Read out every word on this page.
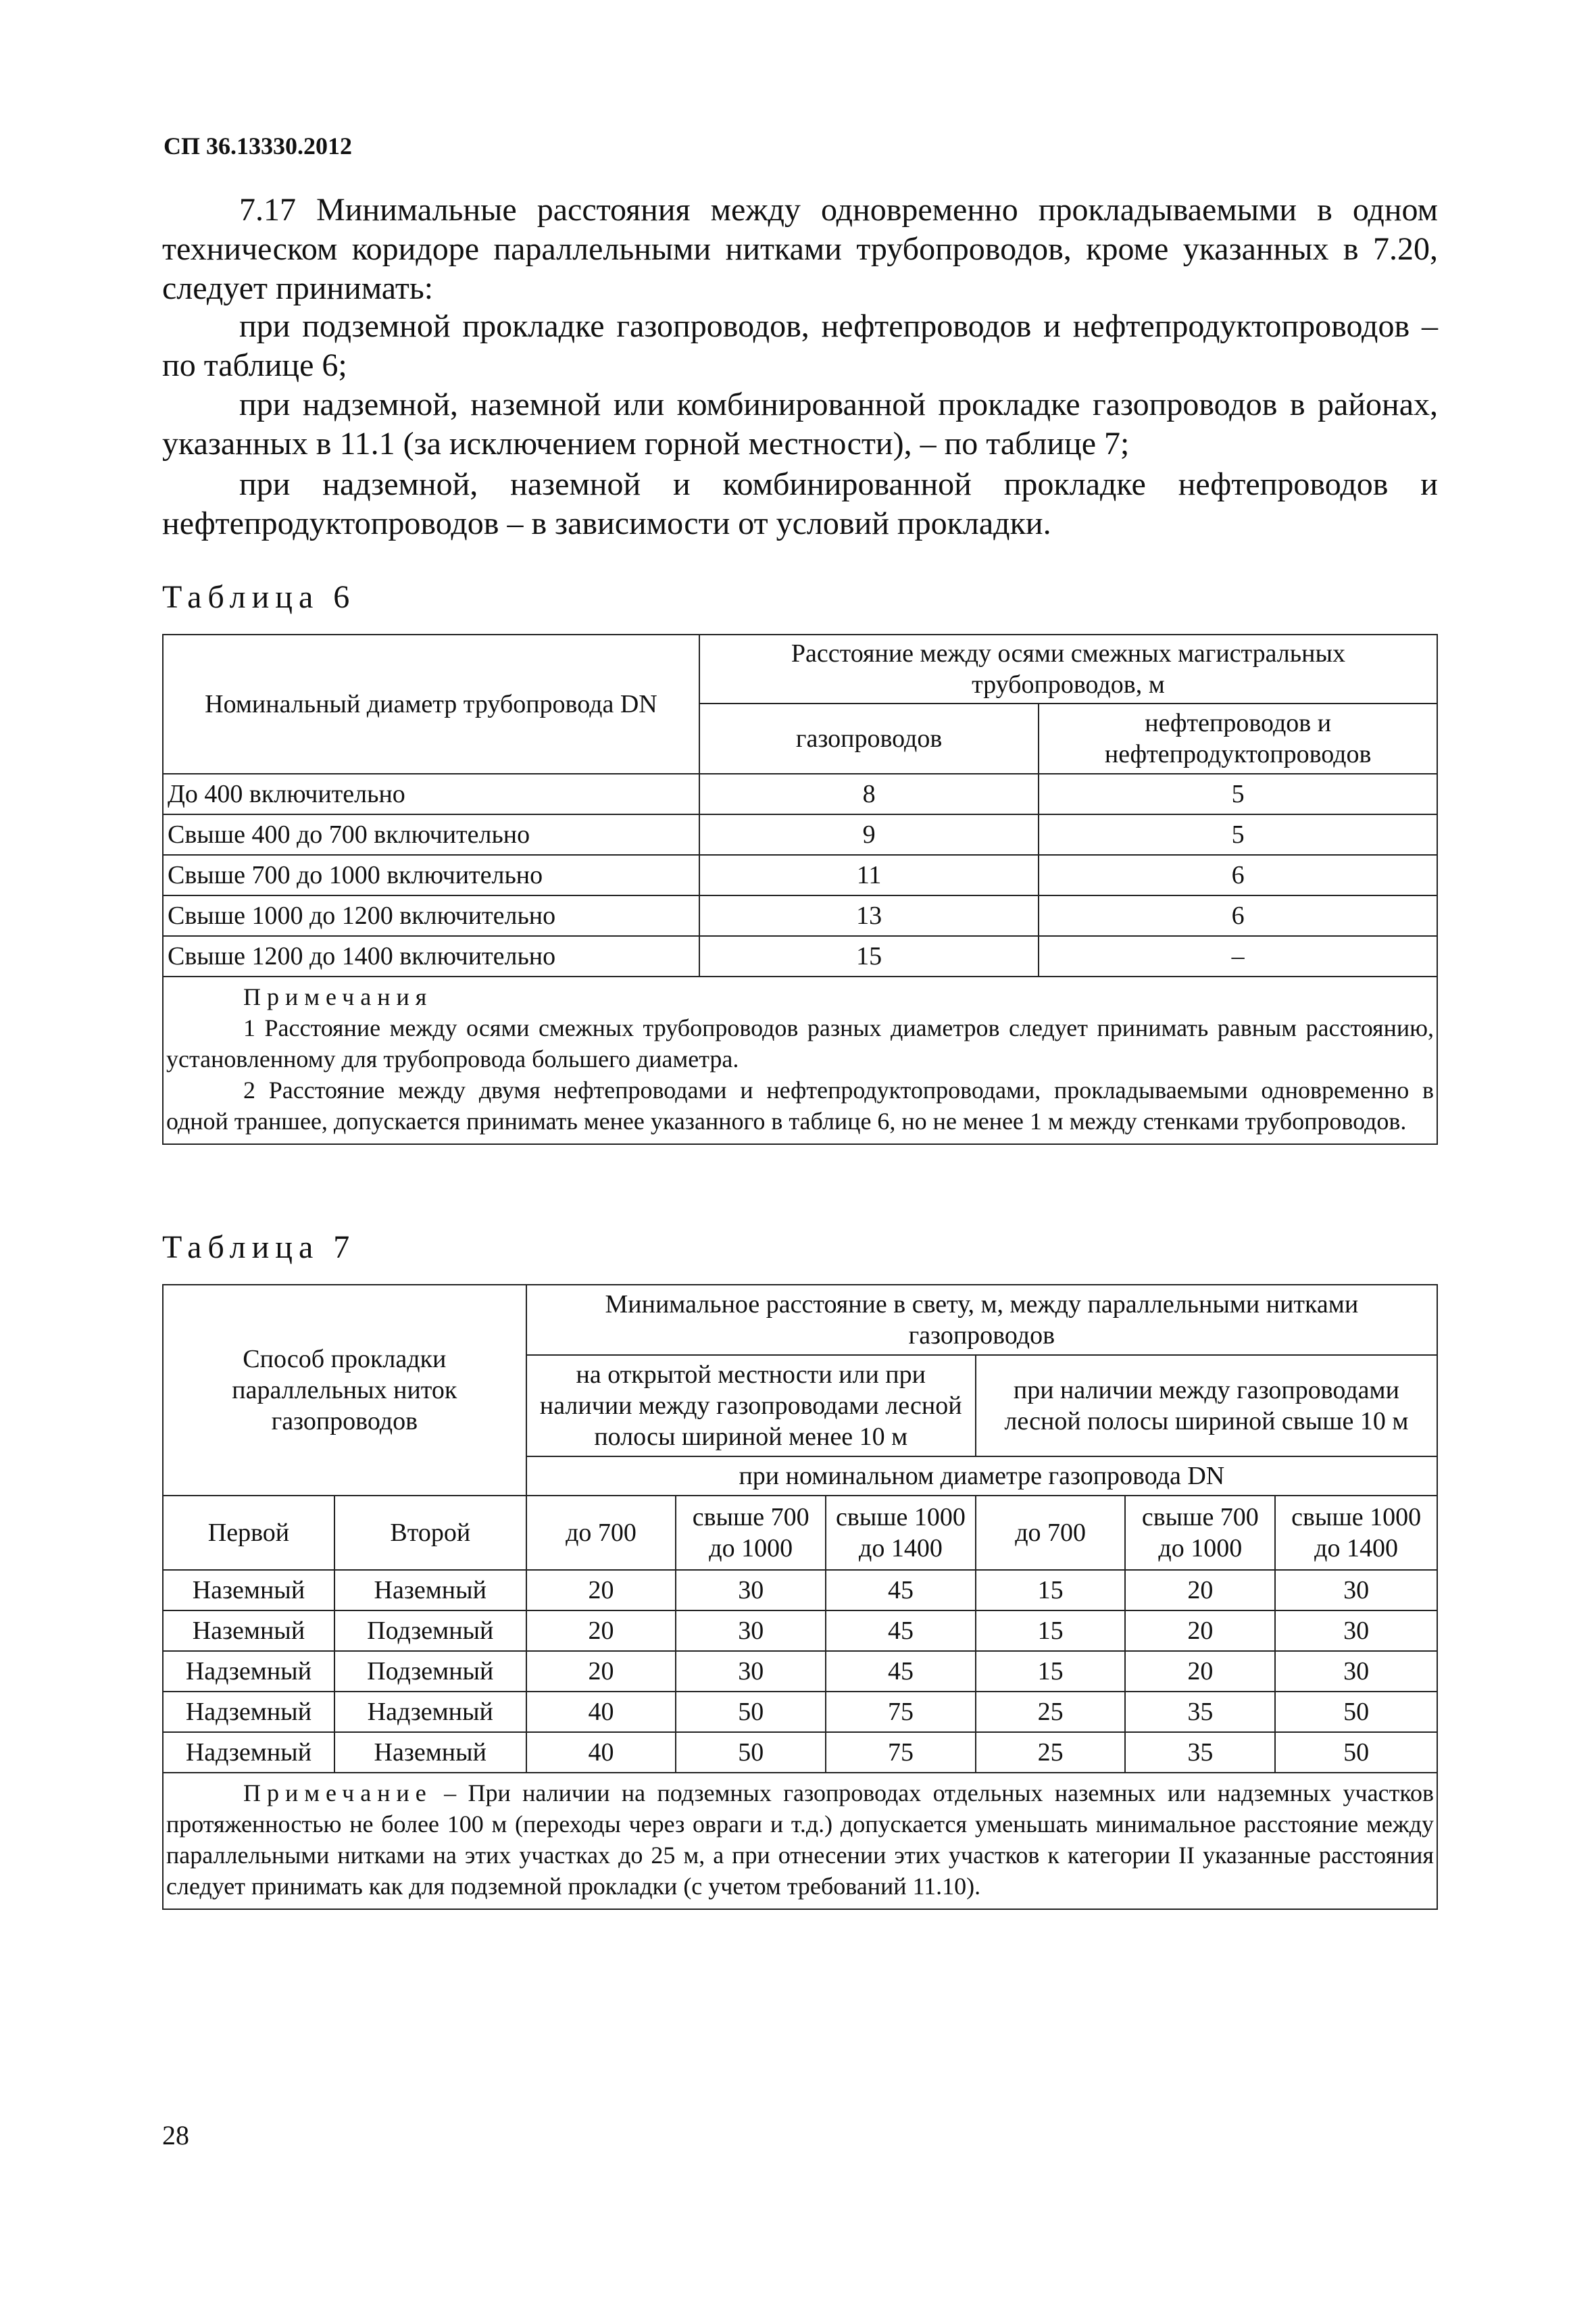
СП 36.13330.2012
7.17 Минимальные расстояния между одновременно прокладываемыми в одном техническом коридоре параллельными нитками трубопроводов, кроме указанных в 7.20, следует принимать:
при подземной прокладке газопроводов, нефтепроводов и нефтепродуктопроводов – по таблице 6;
при надземной, наземной или комбинированной прокладке газопроводов в районах, указанных в 11.1 (за исключением горной местности), – по таблице 7;
при надземной, наземной и комбинированной прокладке нефтепроводов и нефтепродуктопроводов – в зависимости от условий прокладки.
Таблица 6
Номинальный диаметр трубопровода DN	Расстояние между осями смежных магистральных трубопроводов, м	
	газопроводов	нефтепроводов и нефтепродуктопроводов
До 400 включительно	8	5
Свыше 400 до 700 включительно	9	5
Свыше 700 до 1000 включительно	11	6
Свыше 1000 до 1200 включительно	13	6
Свыше 1200 до 1400 включительно	15	–

Примечания

1 Расстояние между осями смежных трубопроводов разных диаметров следует принимать равным расстоянию, установленному для трубопровода большего диаметра.

2 Расстояние между двумя нефтепроводами и нефтепродуктопроводами, прокладываемыми одновременно в одной траншее, допускается принимать менее указанного в таблице 6, но не менее 1 м между стенками трубопроводов.		

Таблица 7
Способ прокладки параллельных ниток газопроводов		Минимальное расстояние в свету, м, между параллельными нитками газопроводов					
		на открытой местности или при наличии между газопроводами лесной полосы шириной менее 10 м			при наличии между газопроводами лесной полосы шириной свыше 10 м		
		при номинальном диаметре газопровода DN					
Первой	Второй	до 700	свыше 700 до 1000	свыше 1000 до 1400	до 700	свыше 700 до 1000	свыше 1000 до 1400
Наземный	Наземный	20	30	45	15	20	30
Наземный	Подземный	20	30	45	15	20	30
Надземный	Подземный	20	30	45	15	20	30
Надземный	Надземный	40	50	75	25	35	50
Надземный	Наземный	40	50	75	25	35	50

Примечание – При наличии на подземных газопроводах отдельных наземных или надземных участков протяженностью не более 100 м (переходы через овраги и т.д.) допускается уменьшать минимальное расстояние между параллельными нитками на этих участках до 25 м, а при отнесении этих участков к категории II указанные расстояния следует принимать как для подземной прокладки (с учетом требований 11.10).							

28
